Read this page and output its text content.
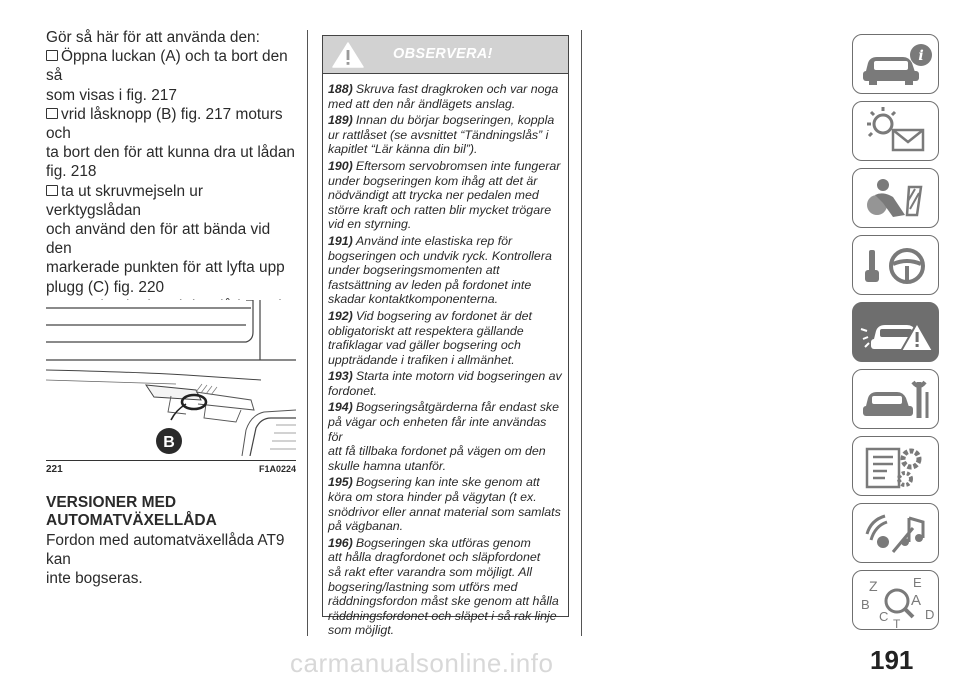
Gör så här för att använda den:

Öppna luckan (A) och ta bort den så

som visas i fig. 217

vrid låsknopp (B) fig. 217 moturs och

ta bort den för att kunna dra ut lådan

fig. 218

ta ut skruvmejseln ur verktygslådan

och använd den för att bända vid den

markerade punkten för att lyfta upp

plugg (C) fig. 220

B
221	F1A0224
VERSIONER MED
AUTOMATVÄXELLÅDA
Fordon med automatväxellåda AT9 kan
inte bogseras.
OBSERVERA!
188) Skruva fast dragkroken och var noga
med att den når ändlägets anslag.
189) Innan du börjar bogseringen, koppla
ur rattlåset (se avsnittet “Tändningslås” i
kapitlet “Lär känna din bil”).
190) Eftersom servobromsen inte fungerar
under bogseringen kom ihåg att det är
nödvändigt att trycka ner pedalen med
större kraft och ratten blir mycket trögare
vid en styrning.
191) Använd inte elastiska rep för
bogseringen och undvik ryck. Kontrollera
under bogseringsmomenten att
fastsättning av leden på fordonet inte
skadar kontaktkomponenterna.
192) Vid bogsering av fordonet är det
obligatoriskt att respektera gällande
trafiklagar vad gäller bogsering och
uppträdande i trafiken i allmänhet.
193) Starta inte motorn vid bogseringen av
fordonet.
194) Bogseringsåtgärderna får endast ske
på vägar och enheten får inte användas för
att få tillbaka fordonet på vägen om den
skulle hamna utanför.
195) Bogsering kan inte ske genom att
köra om stora hinder på vägytan (t ex.
snödrivor eller annat material som samlats
på vägbanan.
196) Bogseringen ska utföras genom
att hålla dragfordonet och släpfordonet
så rakt efter varandra som möjligt. All
bogsering/lastning som utförs med
räddningsfordon måst ske genom att hålla
räddningsfordonet och släpet i så rak linje
som möjligt.
i
Z	E
A
B
C	D
T
carmanualsonline.info	191
